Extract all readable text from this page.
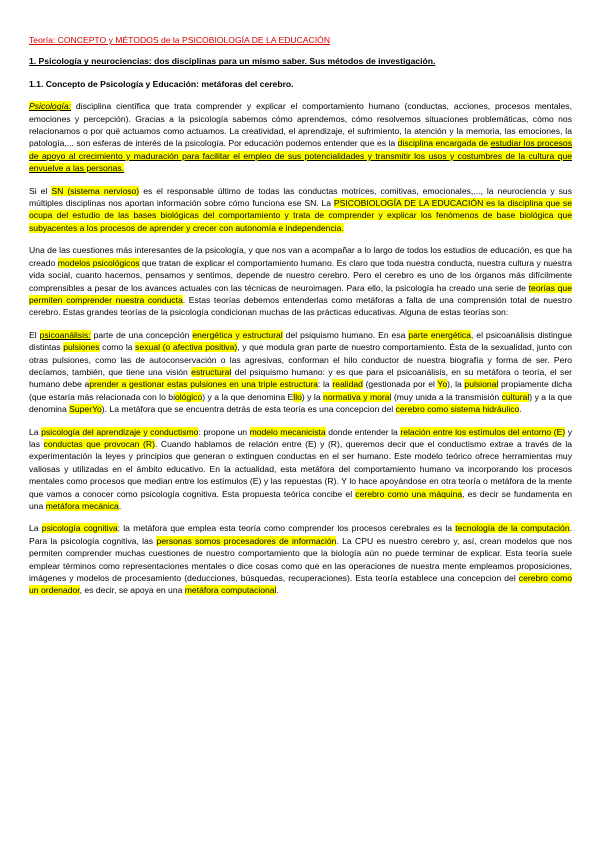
Teoría: CONCEPTO y MÉTODOS de la PSICOBIOLOGÍA DE LA EDUCACIÓN
1. Psicología y neurociencias: dos disciplinas para un mismo saber. Sus métodos de investigación.
1.1. Concepto de Psicología y Educación: metáforas del cerebro.

Psicología: disciplina científica que trata comprender y explicar el comportamiento humano (conductas, acciones, procesos mentales, emociones y percepción). Gracias a la psicología sabemos cómo aprendemos, cómo resolvemos situaciones problemáticas, cómo nos relacionamos o por qué actuamos como actuamos. La creatividad, el aprendizaje, el sufrimiento, la atención y la memoria, las emociones, la patología,... son esferas de interés de la psicología. Por educación podemos entender que es la disciplina encargada de estudiar los procesos de apoyo al crecimiento y maduración para facilitar el empleo de sus potencialidades y transmitir los usos y costumbres de la cultura que envuelve a las personas.

Si el SN (sistema nervioso) es el responsable último de todas las conductas motrices, comitivas, emocionales,..., la neurociencia y sus múltiples disciplinas nos aportan información sobre cómo funciona ese SN. La PSICOBIOLOGÍA DE LA EDUCACIÓN es la disciplina que se ocupa del estudio de las bases biológicas del comportamiento y trata de comprender y explicar los fenómenos de base biológica que subyacentes a los procesos de aprender y crecer con autonomía e independencia.

Una de las cuestiones más interesantes de la psicología, y que nos van a acompañar a lo largo de todos los estudios de educación, es que ha creado modelos psicológicos que tratan de explicar el comportamiento humano. Es claro que toda nuestra conducta, nuestra cultura y nuestra vida social, cuanto hacemos, pensamos y sentimos, depende de nuestro cerebro. Pero el cerebro es uno de los órganos más difícilmente comprensibles a pesar de los avances actuales con las técnicas de neuroimagen. Para ello, la psicología ha creado una serie de teorías que permiten comprender nuestra conducta. Estas teorías debemos entenderlas como metáforas a falta de una comprensión total de nuestro cerebro. Estas grandes teorías de la psicología condicionan muchas de las prácticas educativas. Alguna de estas teorías son:

El psicoanálisis: parte de una concepción energética y estructural del psiquismo humano. En esa parte energética, el psicoanálisis distingue distintas pulsiones como la sexual (o afectiva positiva), y que modula gran parte de nuestro comportamiento. Ésta de la sexualidad, junto con otras pulsiones, como las de autoconservación o las agresivas, conforman el hilo conductor de nuestra biografía y forma de ser. Pero decíamos, también, que tiene una visión estructural del psiquismo humano: y es que para el psicoanálisis, en su metáfora o teoría, el ser humano debe aprender a gestionar estas pulsiones en una triple estructura: la realidad (gestionada por el Yo), la pulsional propiamente dicha (que estaría más relacionada con lo biológico) y a la que denomina Ello) y la normativa y moral (muy unida a la transmisión cultural) y a la que denomina SuperYo). La metáfora que se encuentra detrás de esta teoría es una concepcion del cerebro como sistema hidráulico.

La psicología del aprendizaje y conductismo: propone un modelo mecanicista donde entender la relación entre los estímulos del entorno (E) y las conductas que provocan (R). Cuando hablamos de relación entre (E) y (R), queremos decir que el conductismo extrae a través de la experimentación la leyes y principios que generan o extinguen conductas en el ser humano. Este modelo teórico ofrece herramientas muy valiosas y utilizadas en el ámbito educativo. En la actualidad, esta metáfora del comportamiento humano va incorporando los procesos mentales como procesos que median entre los estímulos (E) y las repuestas (R). Y lo hace apoyándose en otra teoría o metáfora de la mente que vamos a conocer como psicología cognitiva. Esta propuesta teórica concibe el cerebro como una máquina, es decir se fundamenta en una metáfora mecánica.

La psicología cognitiva: la metáfora que emplea esta teoría como comprender los procesos cerebrales es la tecnología de la computación. Para la psicología cognitiva, las personas somos procesadores de información. La CPU es nuestro cerebro y, así, crean modelos que nos permiten comprender muchas cuestiones de nuestro comportamiento que la biología aún no puede terminar de explicar. Esta teoría suele emplear términos como representaciones mentales o dice cosas como que en las operaciones de nuestra mente empleamos proposiciones, imágenes y modelos de procesamiento (deducciones, búsquedas, recuperaciones). Esta teoría establece una concepcion del cerebro como un ordenador, es decir, se apoya en una metáfora computacional.
